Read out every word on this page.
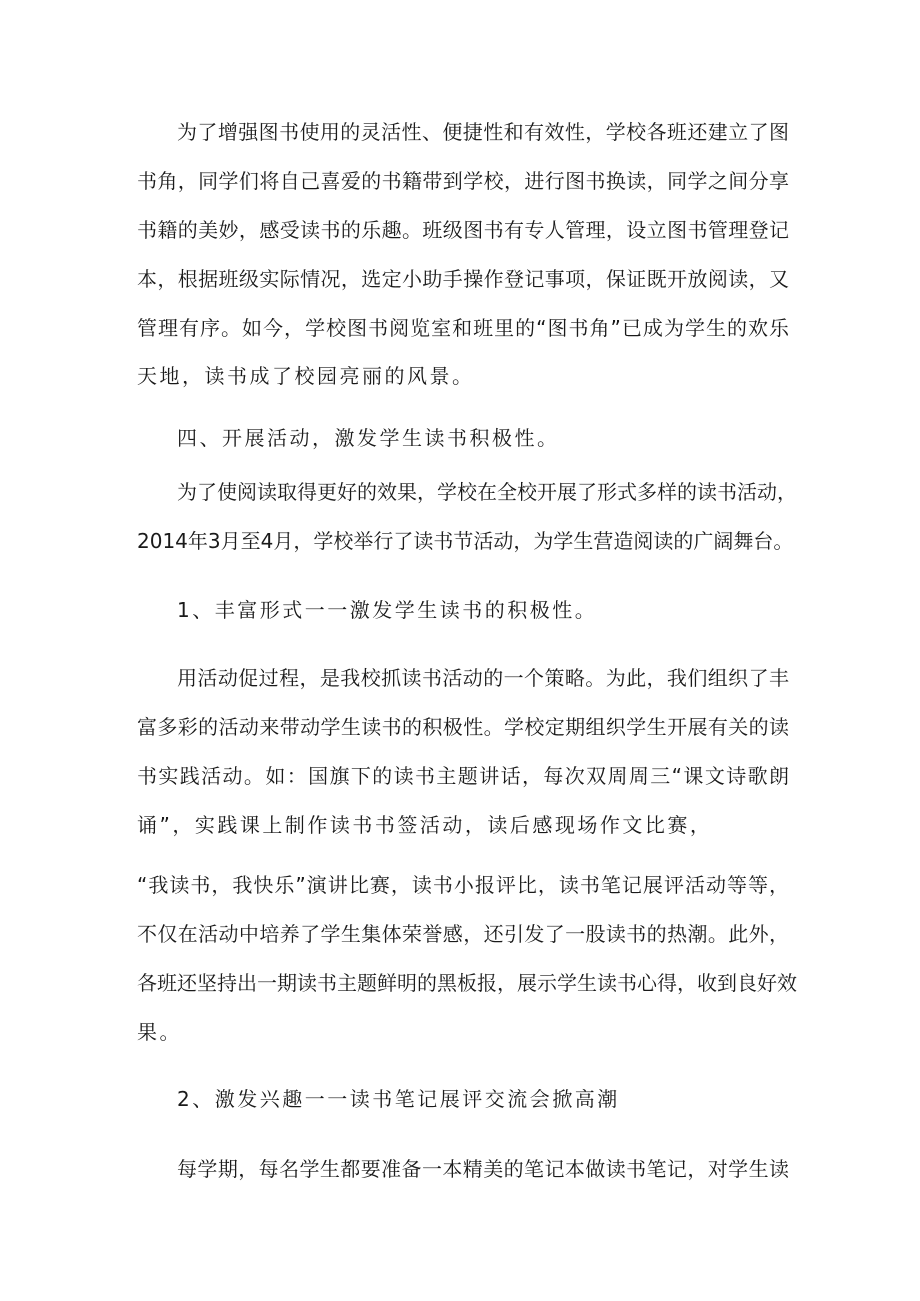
为了增强图书使用的灵活性、便捷性和有效性，学校各班还建立了图
书角，同学们将自己喜爱的书籍带到学校，进行图书换读，同学之间分享
书籍的美妙，感受读书的乐趣。班级图书有专人管理，设立图书管理登记
本，根据班级实际情况，选定小助手操作登记事项，保证既开放阅读，又
管理有序。如今，学校图书阅览室和班里的“图书角”已成为学生的欢乐
天地，读书成了校园亮丽的风景。
四、开展活动，激发学生读书积极性。
为了使阅读取得更好的效果，学校在全校开展了形式多样的读书活动，
2014年3月至4月，学校举行了读书节活动，为学生营造阅读的广阔舞台。
1、丰富形式一一激发学生读书的积极性。
用活动促过程，是我校抓读书活动的一个策略。为此，我们组织了丰
富多彩的活动来带动学生读书的积极性。学校定期组织学生开展有关的读
书实践活动。如：国旗下的读书主题讲话，每次双周周三“课文诗歌朗
诵”，实践课上制作读书书签活动，读后感现场作文比赛，
“我读书，我快乐”演讲比赛，读书小报评比，读书笔记展评活动等等，
不仅在活动中培养了学生集体荣誉感，还引发了一股读书的热潮。此外，
各班还坚持出一期读书主题鲜明的黑板报，展示学生读书心得，收到良好效
果。
2、激发兴趣一一读书笔记展评交流会掀高潮
每学期，每名学生都要准备一本精美的笔记本做读书笔记，对学生读
